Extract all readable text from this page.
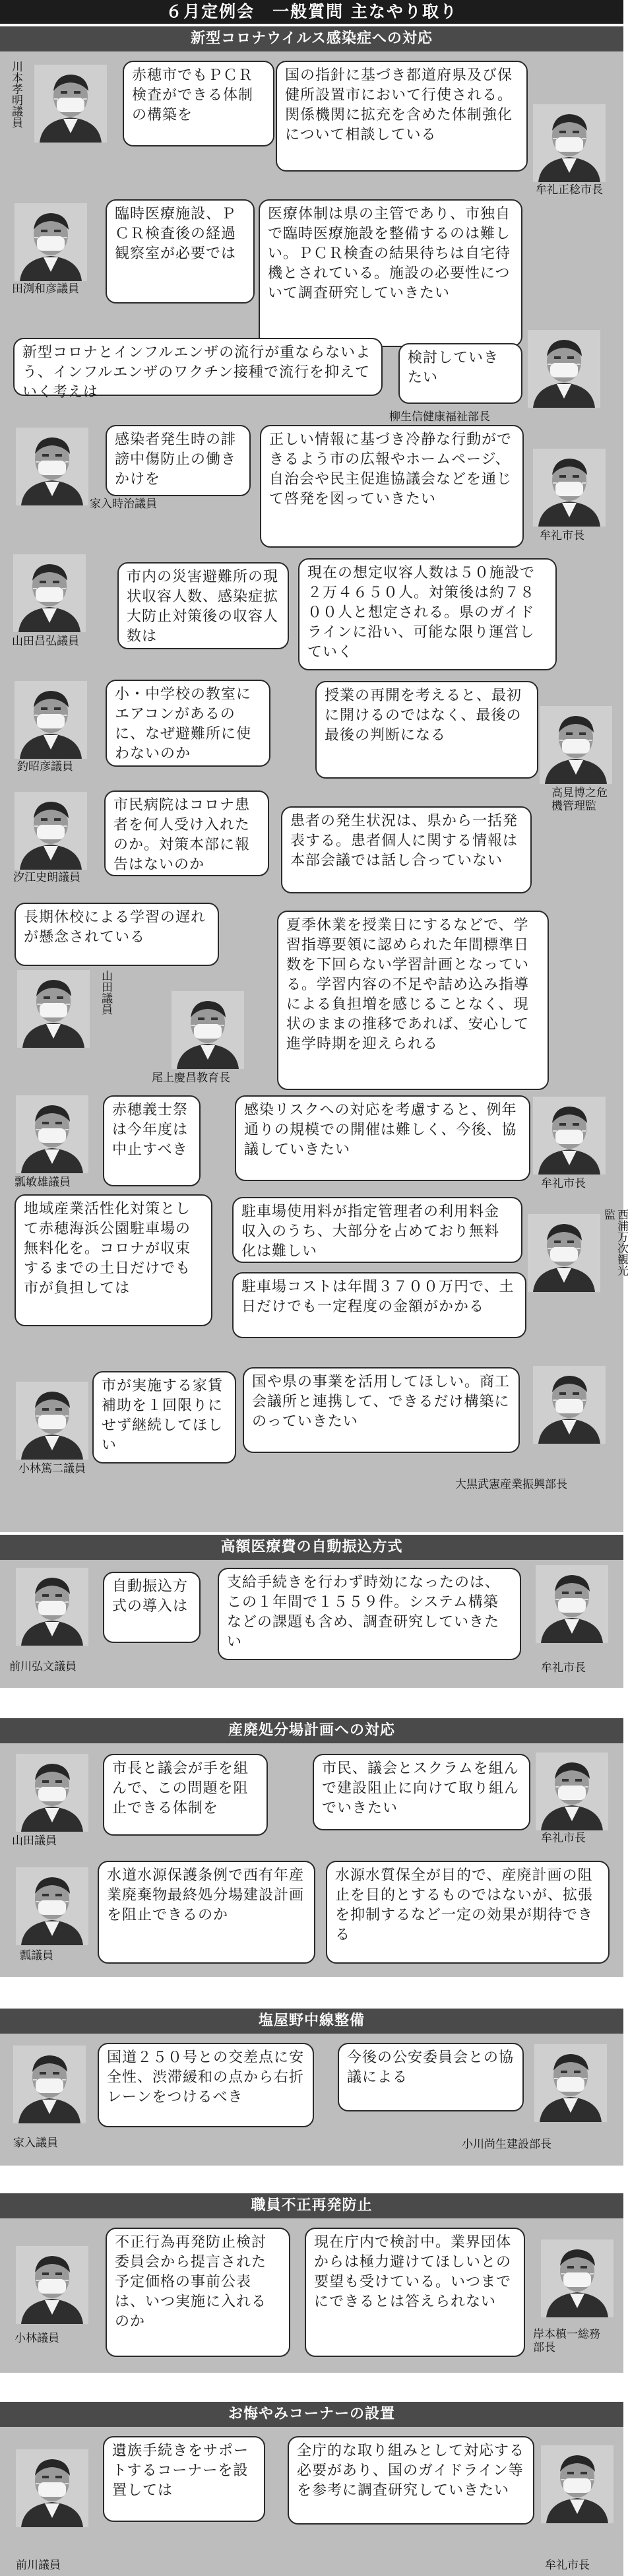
６月定例会　一般質問 主なやり取り
新型コロナウイルス感染症への対応
川本孝明議員	赤穂市でもＰＣＲ検査ができる体制の構築を
国の指針に基づき都道府県及び保健所設置市において行使される。関係機関に拡充を含めた体制強化について相談している
牟礼正稔市長
田渕和彦議員
臨時医療施設、ＰＣＲ検査後の経過観察室が必要では
医療体制は県の主管であり、市独自で臨時医療施設を整備するのは難しい。ＰＣＲ検査の結果待ちは自宅待機とされている。施設の必要性について調査研究していきたい
新型コロナとインフルエンザの流行が重ならないよう、インフルエンザのワクチン接種で流行を抑えていく考えは
検討していきたい
柳生信健康福祉部長
家入時治議員
感染者発生時の誹謗中傷防止の働きかけを
正しい情報に基づき冷静な行動ができるよう市の広報やホームページ、自治会や民主促進協議会などを通じて啓発を図っていきたい
牟礼市長
山田昌弘議員
市内の災害避難所の現状収容人数、感染症拡大防止対策後の収容人数は
現在の想定収容人数は５０施設で２万４６５０人。対策後は約７８００人と想定される。県のガイドラインに沿い、可能な限り運営していく
釣昭彦議員
小・中学校の教室にエアコンがあるのに、なぜ避難所に使わないのか
授業の再開を考えると、最初に開けるのではなく、最後の最後の判断になる
高見博之危機管理監
汐江史朗議員
市民病院はコロナ患者を何人受け入れたのか。対策本部に報告はないのか
患者の発生状況は、県から一括発表する。患者個人に関する情報は本部会議では話し合っていない
長期休校による学習の遅れが懸念されている
山田議員
尾上慶昌教育長
夏季休業を授業日にするなどで、学習指導要領に認められた年間標準日数を下回らない学習計画となっている。学習内容の不足や詰め込み指導による負担増を感じることなく、現状のままの推移であれば、安心して進学時期を迎えられる
瓢敏雄議員
赤穂義士祭は今年度は中止すべき
感染リスクへの対応を考慮すると、例年通りの規模での開催は難しく、今後、協議していきたい
牟礼市長
地域産業活性化対策として赤穂海浜公園駐車場の無料化を。コロナが収束するまでの土日だけでも市が負担しては
駐車場使用料が指定管理者の利用料金収入のうち、大部分を占めており無料化は難しい	西浦万次観光監
駐車場コストは年間３７００万円で、土日だけでも一定程度の金額がかかる
小林篤二議員
市が実施する家賃補助を１回限りにせず継続してほしい
国や県の事業を活用してほしい。商工会議所と連携して、できるだけ構築にのっていきたい
大黒武憲産業振興部長
高額医療費の自動振込方式
前川弘文議員
自動振込方式の導入は
支給手続きを行わず時効になったのは、この１年間で１５５９件。システム構築などの課題も含め、調査研究していきたい
牟礼市長
産廃処分場計画への対応
山田議員
市長と議会が手を組んで、この問題を阻止できる体制を
市民、議会とスクラムを組んで建設阻止に向けて取り組んでいきたい
牟礼市長
瓢議員
水道水源保護条例で西有年産業廃棄物最終処分場建設計画を阻止できるのか
水源水質保全が目的で、産廃計画の阻止を目的とするものではないが、拡張を抑制するなど一定の効果が期待できる
塩屋野中線整備
家入議員
国道２５０号との交差点に安全性、渋滞緩和の点から右折レーンをつけるべき
今後の公安委員会との協議による
小川尚生建設部長
職員不正再発防止
小林議員
不正行為再発防止検討委員会から提言された予定価格の事前公表は、いつ実施に入れるのか
現在庁内で検討中。業界団体からは極力避けてほしいとの要望も受けている。いつまでにできるとは答えられない
岸本槙一総務部長
お悔やみコーナーの設置
前川議員
遺族手続きをサポートするコーナーを設置しては
全庁的な取り組みとして対応する必要があり、国のガイドライン等を参考に調査研究していきたい
牟礼市長
